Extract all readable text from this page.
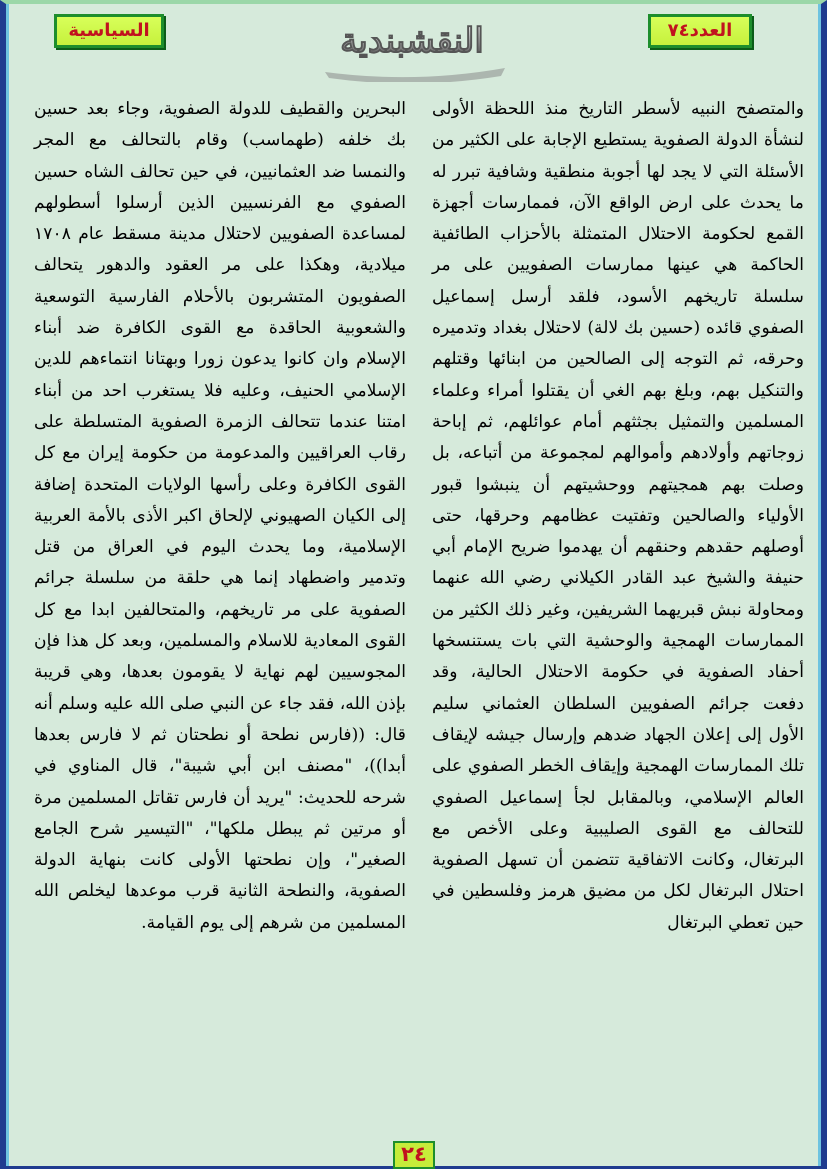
العدد٧٤
النقشبندية
السياسية

والمتصفح النبيه لأسطر التاريخ منذ اللحظة الأولى لنشأة الدولة الصفوية يستطيع الإجابة على الكثير من الأسئلة التي لا يجد لها أجوبة منطقية وشافية تبرر له ما يحدث على ارض الواقع الآن، فممارسات أجهزة القمع لحكومة الاحتلال المتمثلة بالأحزاب الطائفية الحاكمة هي عينها ممارسات الصفويين على مر سلسلة تاريخهم الأسود، فلقد أرسل إسماعيل الصفوي قائده (حسين بك لالة) لاحتلال بغداد وتدميره وحرقه، ثم التوجه إلى الصالحين من ابنائها وقتلهم والتنكيل بهم، وبلغ بهم الغي أن يقتلوا أمراء وعلماء المسلمين والتمثيل بجثثهم أمام عوائلهم، ثم إباحة زوجاتهم وأولادهم وأموالهم لمجموعة من أتباعه، بل وصلت بهم همجيتهم ووحشيتهم أن ينبشوا قبور الأولياء والصالحين وتفتيت عظامهم وحرقها، حتى أوصلهم حقدهم وحنقهم أن يهدموا ضريح الإمام أبي حنيفة والشيخ عبد القادر الكيلاني رضي الله عنهما ومحاولة نبش قبريهما الشريفين، وغير ذلك الكثير من الممارسات الهمجية والوحشية التي بات يستنسخها أحفاد الصفوية في حكومة الاحتلال الحالية، وقد دفعت جرائم الصفويين السلطان العثماني سليم الأول إلى إعلان الجهاد ضدهم وإرسال جيشه لإيقاف تلك الممارسات الهمجية وإيقاف الخطر الصفوي على العالم الإسلامي، وبالمقابل لجأ إسماعيل الصفوي للتحالف مع القوى الصليبية وعلى الأخص مع البرتغال، وكانت الاتفاقية تتضمن أن تسهل الصفوية احتلال البرتغال لكل من مضيق هرمز وفلسطين في حين تعطي البرتغال

البحرين والقطيف للدولة الصفوية، وجاء بعد حسين بك خلفه (طهماسب) وقام بالتحالف مع المجر والنمسا ضد العثمانيين، في حين تحالف الشاه حسين الصفوي مع الفرنسيين الذين أرسلوا أسطولهم لمساعدة الصفويين لاحتلال مدينة مسقط عام ١٧٠٨ ميلادية، وهكذا على مر العقود والدهور يتحالف الصفويون المتشربون بالأحلام الفارسية التوسعية والشعوبية الحاقدة مع القوى الكافرة ضد أبناء الإسلام وان كانوا يدعون زورا وبهتانا انتماءهم للدين الإسلامي الحنيف، وعليه فلا يستغرب احد من أبناء امتنا عندما تتحالف الزمرة الصفوية المتسلطة على رقاب العراقيين والمدعومة من حكومة إيران مع كل القوى الكافرة وعلى رأسها الولايات المتحدة إضافة إلى الكيان الصهيوني لإلحاق اكبر الأذى بالأمة العربية الإسلامية، وما يحدث اليوم في العراق من قتل وتدمير واضطهاد إنما هي حلقة من سلسلة جرائم الصفوية على مر تاريخهم، والمتحالفين ابدا مع كل القوى المعادية للاسلام والمسلمين، وبعد كل هذا فإن المجوسيين لهم نهاية لا يقومون بعدها، وهي قريبة بإذن الله، فقد جاء عن النبي صلى الله عليه وسلم أنه قال: ((فارس نطحة أو نطحتان ثم لا فارس بعدها أبدا))، "مصنف ابن أبي شيبة"، قال المناوي في شرحه للحديث: "يريد أن فارس تقاتل المسلمين مرة أو مرتين ثم يبطل ملكها"، "التيسير شرح الجامع الصغير"، وإن نطحتها الأولى كانت بنهاية الدولة الصفوية، والنطحة الثانية قرب موعدها ليخلص الله المسلمين من شرهم إلى يوم القيامة.

٢٤
